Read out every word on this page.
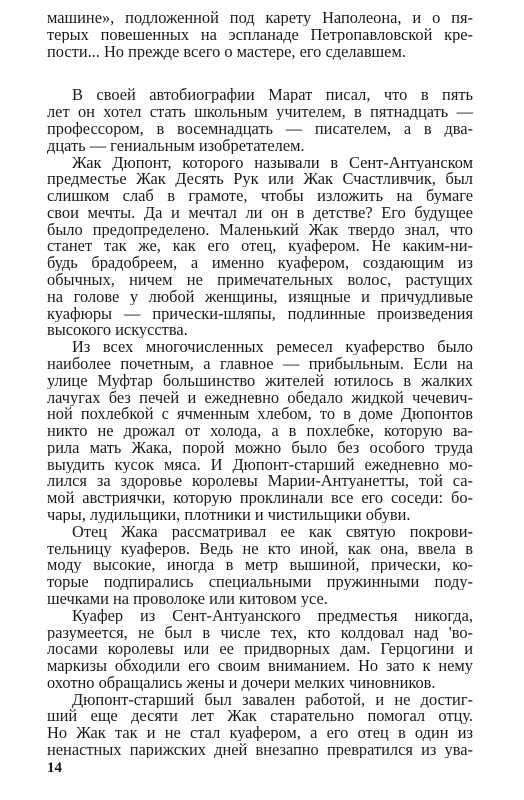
машине», подложенной под карету Наполеона, и о пя-
терых повешенных на эспланаде Петропавловской кре-
пости... Но прежде всего о мастере, его сделавшем.
В своей автобиографии Марат писал, что в пять
лет он хотел стать школьным учителем, в пятнадцать —
профессором, в восемнадцать — писателем, а в два-
дцать — гениальным изобретателем.
Жак Дюпонт, которого называли в Сент-Антуанском
предместье Жак Десять Рук или Жак Счастливчик, был
слишком слаб в грамоте, чтобы изложить на бумаге
свои мечты. Да и мечтал ли он в детстве? Его будущее
было предопределено. Маленький Жак твердо знал, что
станет так же, как его отец, куафером. Не каким-ни-
будь брадобреем, а именно куафером, создающим из
обычных, ничем не примечательных волос, растущих
на голове у любой женщины, изящные и причудливые
куафюры — прически-шляпы, подлинные произведения
высокого искусства.
Из всех многочисленных ремесел куаферство было
наиболее почетным, а главное — прибыльным. Если на
улице Муфтар большинство жителей ютилось в жалких
лачугах без печей и ежедневно обедало жидкой чечевич-
ной похлебкой с ячменным хлебом, то в доме Дюпонтов
никто не дрожал от холода, а в похлебке, которую ва-
рила мать Жака, порой можно было без особого труда
выудить кусок мяса. И Дюпонт-старший ежедневно мо-
лился за здоровье королевы Марии-Антуанетты, той са-
мой австриячки, которую проклинали все его соседи: бо-
чары, лудильщики, плотники и чистильщики обуви.
Отец Жака рассматривал ее как святую покрови-
тельницу куаферов. Ведь не кто иной, как она, ввела в
моду высокие, иногда в метр вышиной, прически, ко-
торые подпирались специальными пружинными поду-
шечками на проволоке или китовом усе.
Куафер из Сент-Антуанского предместья никогда,
разумеется, не был в числе тех, кто колдовал над 'во-
лосами королевы или ее придворных дам. Герцогини и
маркизы обходили его своим вниманием. Но зато к нему
охотно обращались жены и дочери мелких чиновников.
Дюпонт-старший был завален работой, и не достиг-
ший еще десяти лет Жак старательно помогал отцу.
Но Жак так и не стал куафером, а его отец в один из
ненастных парижских дней внезапно превратился из ува-
14
